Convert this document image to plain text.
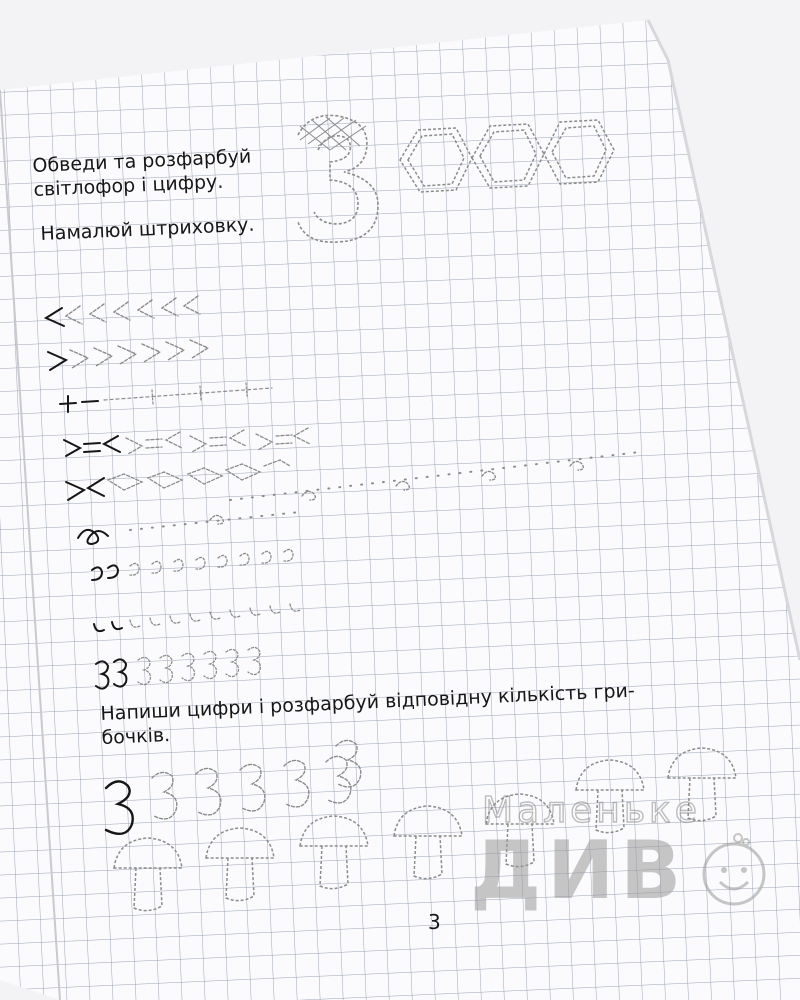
Обведи та розфарбуй
світлофор і цифру.
Намалюй штриховку.
Напиши цифри і розфарбуй відповідну кількість гри-
бочків.
3
ДИВ
